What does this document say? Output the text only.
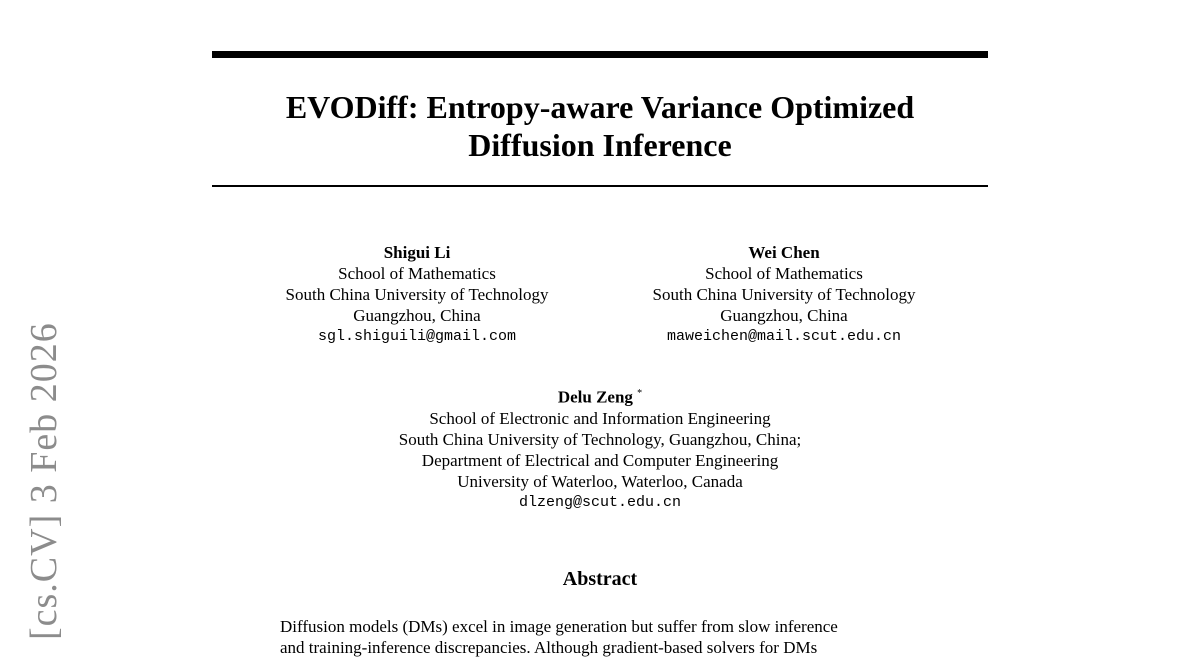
EVODiff: Entropy-aware Variance Optimized
Diffusion Inference
Shigui Li
School of Mathematics
South China University of Technology
Guangzhou, China
sgl.shiguili@gmail.com
Wei Chen
School of Mathematics
South China University of Technology
Guangzhou, China
maweichen@mail.scut.edu.cn
Delu Zeng *
School of Electronic and Information Engineering
South China University of Technology, Guangzhou, China;
Department of Electrical and Computer Engineering
University of Waterloo, Waterloo, Canada
dlzeng@scut.edu.cn
Abstract
Diffusion models (DMs) excel in image generation but suffer from slow inference
and training-inference discrepancies. Although gradient-based solvers for DMs
[cs.CV] 3 Feb 2026
